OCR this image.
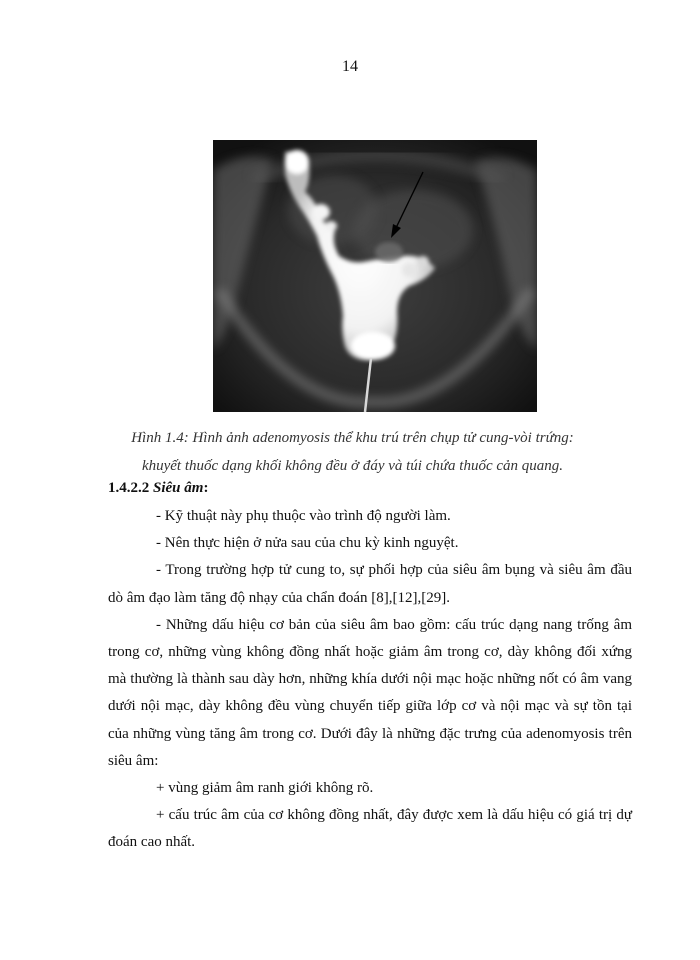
14
Hình 1.4: Hình ảnh adenomyosis thể khu trú trên chụp tử cung-vòi trứng:
khuyết thuốc dạng khối không đều ở đáy và túi chứa thuốc cản quang.
1.4.2.2 Siêu âm:

- Kỹ thuật này phụ thuộc vào trình độ người làm.

- Nên thực hiện ở nửa sau của chu kỳ kinh nguyệt.

- Trong trường hợp tử cung to, sự phối hợp của siêu âm bụng và siêu âm đầu dò âm đạo làm tăng độ nhạy của chẩn đoán [8],[12],[29].

- Những dấu hiệu cơ bản của siêu âm bao gồm: cấu trúc dạng nang trống âm trong cơ, những vùng không đồng nhất hoặc giảm âm trong cơ, dày không đối xứng mà thường là thành sau dày hơn, những khía dưới nội mạc hoặc những nốt có âm vang dưới nội mạc, dày không đều vùng chuyển tiếp giữa lớp cơ và nội mạc và sự tồn tại của những vùng tăng âm trong cơ. Dưới đây là những đặc trưng của adenomyosis trên siêu âm:

+ vùng giảm âm ranh giới không rõ.

+ cấu trúc âm của cơ không đồng nhất, đây được xem là dấu hiệu có giá trị dự đoán cao nhất.
